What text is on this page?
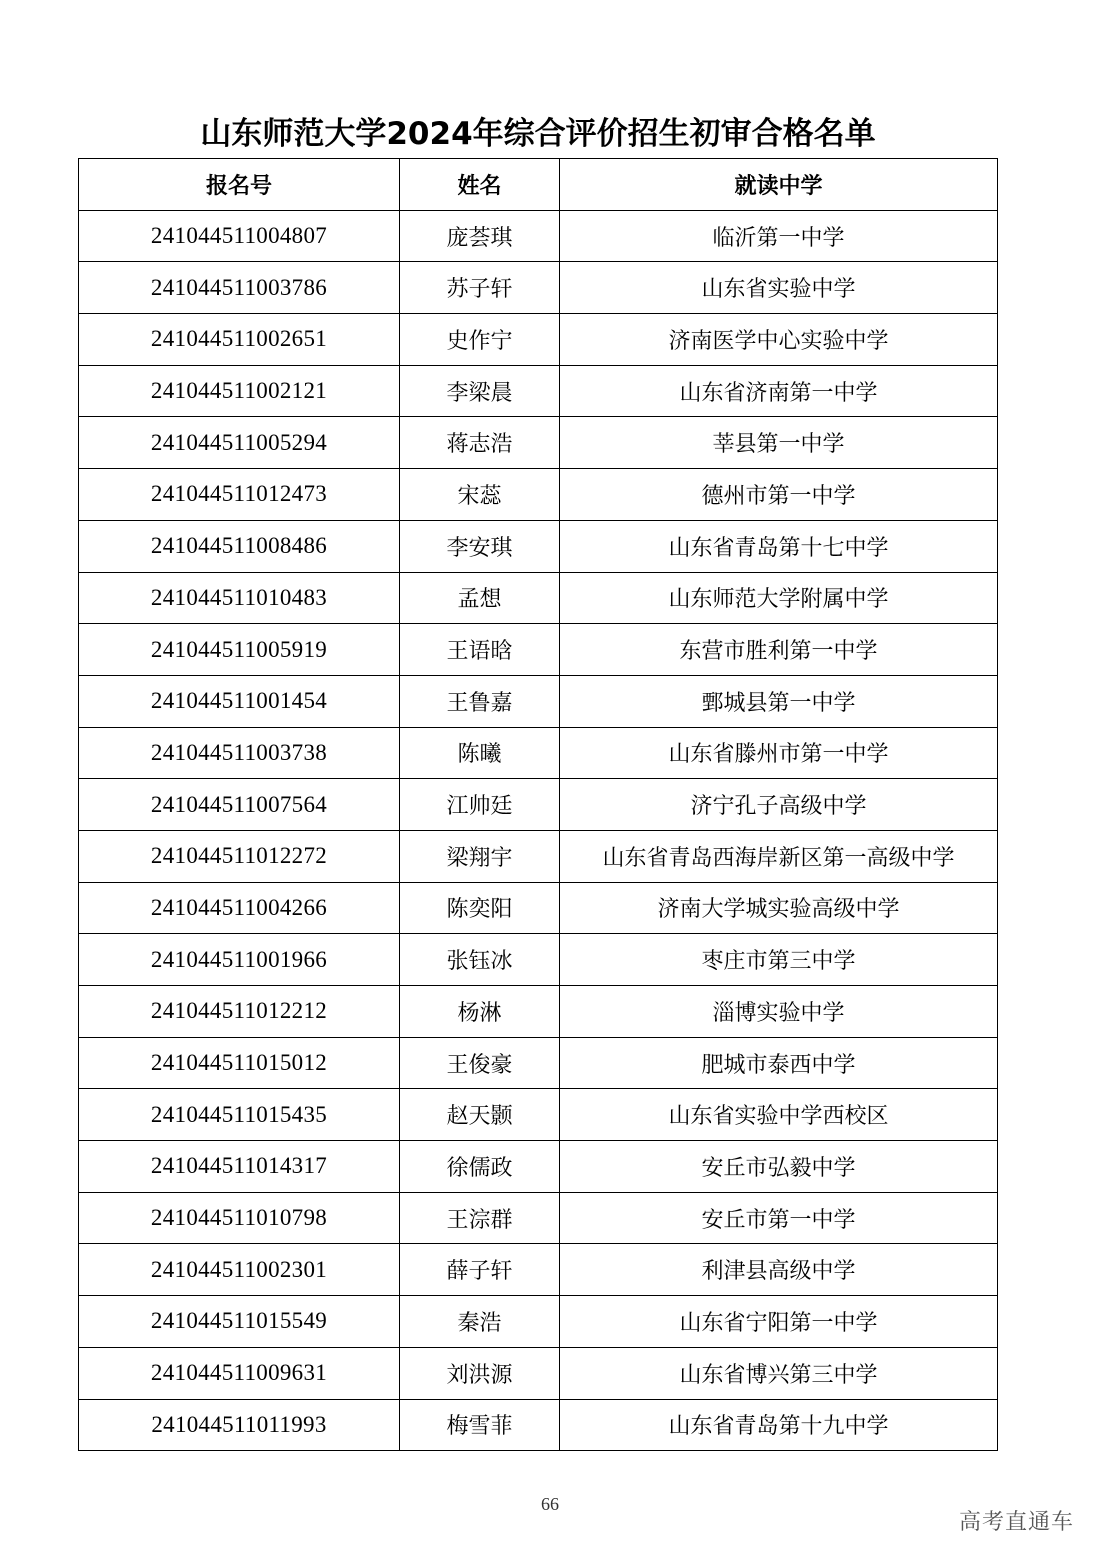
山东师范大学2024年综合评价招生初审合格名单
报名号	姓名	就读中学
241044511004807	庞荟琪	临沂第一中学
241044511003786	苏子轩	山东省实验中学
241044511002651	史作宁	济南医学中心实验中学
241044511002121	李梁晨	山东省济南第一中学
241044511005294	蒋志浩	莘县第一中学
241044511012473	宋蕊	德州市第一中学
241044511008486	李安琪	山东省青岛第十七中学
241044511010483	孟想	山东师范大学附属中学
241044511005919	王语晗	东营市胜利第一中学
241044511001454	王鲁嘉	鄄城县第一中学
241044511003738	陈曦	山东省滕州市第一中学
241044511007564	江帅廷	济宁孔子高级中学
241044511012272	梁翔宇	山东省青岛西海岸新区第一高级中学
241044511004266	陈奕阳	济南大学城实验高级中学
241044511001966	张钰冰	枣庄市第三中学
241044511012212	杨淋	淄博实验中学
241044511015012	王俊豪	肥城市泰西中学
241044511015435	赵天颢	山东省实验中学西校区
241044511014317	徐儒政	安丘市弘毅中学
241044511010798	王淙群	安丘市第一中学
241044511002301	薛子轩	利津县高级中学
241044511015549	秦浩	山东省宁阳第一中学
241044511009631	刘洪源	山东省博兴第三中学
241044511011993	梅雪菲	山东省青岛第十九中学
66
高考直通车
